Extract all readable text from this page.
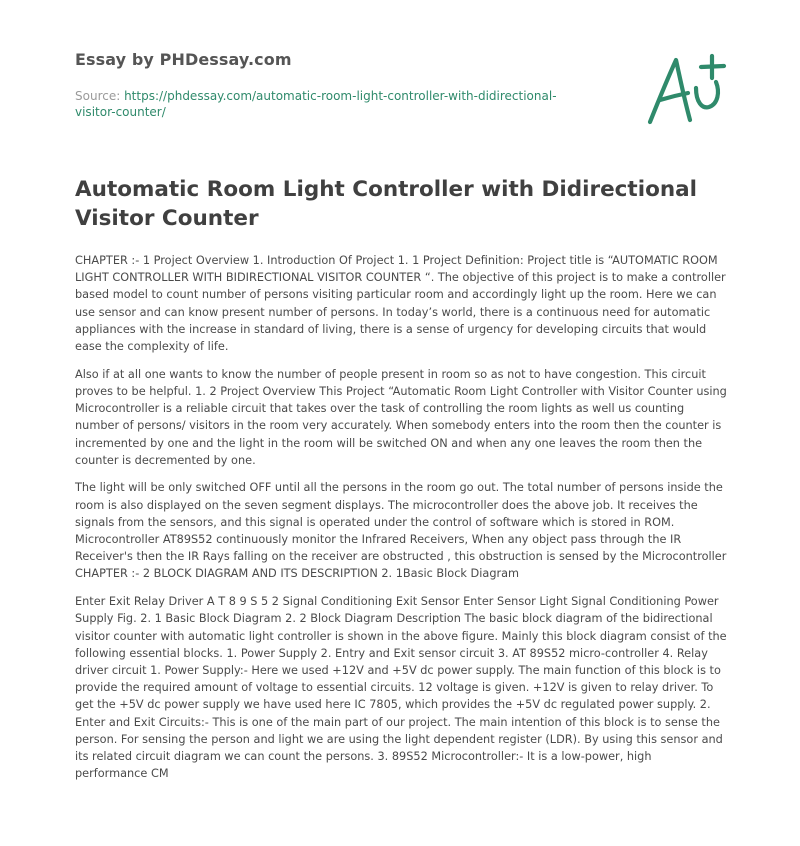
Essay by PHDessay.com
Source: https://phdessay.com/automatic-room-light-controller-with-didirectional-visitor-counter/
Automatic Room Light Controller with Didirectional Visitor Counter

CHAPTER :- 1 Project Overview 1. Introduction Of Project 1. 1 Project Definition: Project title is “AUTOMATIC ROOM LIGHT CONTROLLER WITH BIDIRECTIONAL VISITOR COUNTER “. The objective of this project is to make a controller based model to count number of persons visiting particular room and accordingly light up the room. Here we can use sensor and can know present number of persons. In today’s world, there is a continuous need for automatic appliances with the increase in standard of living, there is a sense of urgency for developing circuits that would ease the complexity of life.

Also if at all one wants to know the number of people present in room so as not to have congestion. This circuit proves to be helpful. 1. 2 Project Overview This Project “Automatic Room Light Controller with Visitor Counter using Microcontroller is a reliable circuit that takes over the task of controlling the room lights as well us counting number of persons/ visitors in the room very accurately. When somebody enters into the room then the counter is incremented by one and the light in the room will be switched ON and when any one leaves the room then the counter is decremented by one.

The light will be only switched OFF until all the persons in the room go out. The total number of persons inside the room is also displayed on the seven segment displays. The microcontroller does the above job. It receives the signals from the sensors, and this signal is operated under the control of software which is stored in ROM. Microcontroller AT89S52 continuously monitor the Infrared Receivers, When any object pass through the IR Receiver's then the IR Rays falling on the receiver are obstructed , this obstruction is sensed by the Microcontroller CHAPTER :- 2 BLOCK DIAGRAM AND ITS DESCRIPTION 2. 1Basic Block Diagram

Enter Exit Relay Driver A T 8 9 S 5 2 Signal Conditioning Exit Sensor Enter Sensor Light Signal Conditioning Power Supply Fig. 2. 1 Basic Block Diagram 2. 2 Block Diagram Description The basic block diagram of the bidirectional visitor counter with automatic light controller is shown in the above figure. Mainly this block diagram consist of the following essential blocks. 1. Power Supply 2. Entry and Exit sensor circuit 3. AT 89S52 micro-controller 4. Relay driver circuit 1. Power Supply:- Here we used +12V and +5V dc power supply. The main function of this block is to provide the required amount of voltage to essential circuits. 12 voltage is given. +12V is given to relay driver. To get the +5V dc power supply we have used here IC 7805, which provides the +5V dc regulated power supply. 2. Enter and Exit Circuits:- This is one of the main part of our project. The main intention of this block is to sense the person. For sensing the person and light we are using the light dependent register (LDR). By using this sensor and its related circuit diagram we can count the persons. 3. 89S52 Microcontroller:- It is a low-power, high performance CM
